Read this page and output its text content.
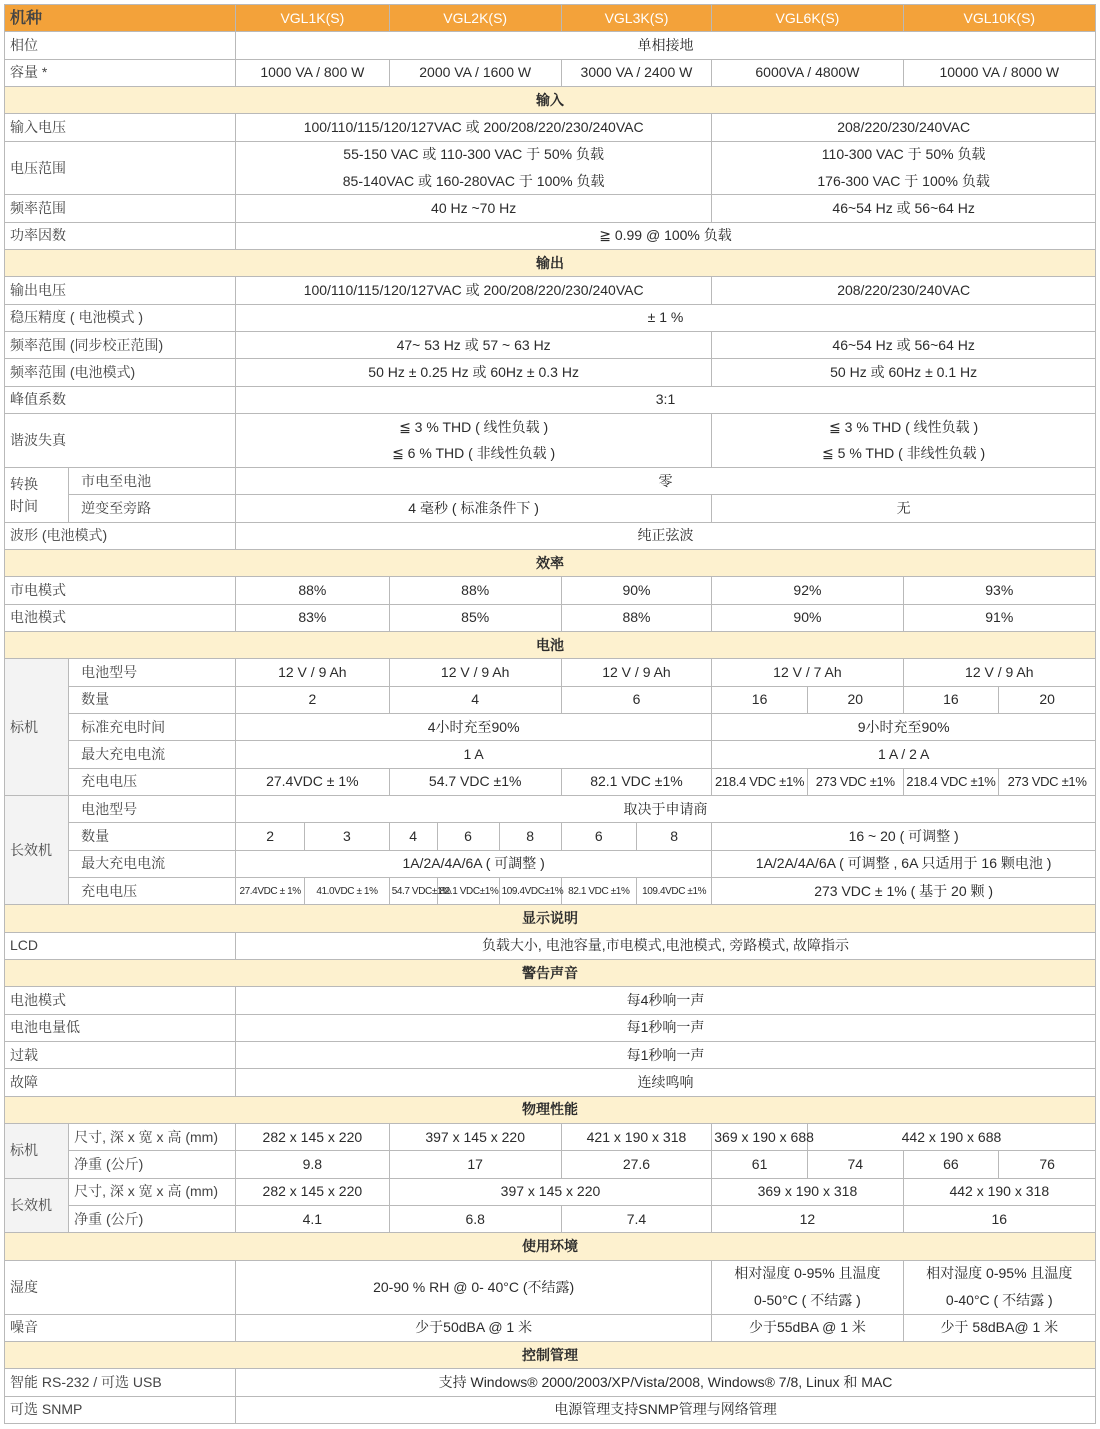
机种		VGL1K(S)		VGL2K(S)			VGL3K(S)		VGL6K(S)		VGL10K(S)	
相位		单相接地										
容量 *		1000 VA / 800 W		2000 VA / 1600 W			3000 VA / 2400 W		6000VA / 4800W		10000 VA / 8000 W	
输入												
输入电压		100/110/115/120/127VAC 或 200/208/220/230/240VAC							208/220/230/240VAC			
电压范围		55-150 VAC 或 110-300 VAC 于 50% 负载							110-300 VAC 于 50% 负载			
		85-140VAC 或 160-280VAC 于 100% 负载							176-300 VAC 于 100% 负载			
频率范围		40 Hz ~70 Hz							46~54 Hz 或 56~64 Hz			
功率因数		≧ 0.99 @ 100% 负载										
输出												
输出电压		100/110/115/120/127VAC 或 200/208/220/230/240VAC							208/220/230/240VAC			
稳压精度 ( 电池模式 )		± 1 %										
频率范围 (同步校正范围)		47~ 53 Hz 或 57 ~ 63 Hz							46~54 Hz 或 56~64 Hz			
频率范围 (电池模式)		50 Hz ± 0.25 Hz 或 60Hz ± 0.3 Hz							50 Hz 或 60Hz ± 0.1 Hz			
峰值系数		3:1										
谐波失真		≦ 3 % THD ( 线性负载 )							≦ 3 % THD ( 线性负载 )			
		≦ 6 % THD ( 非线性负载 )							≦ 5 % THD ( 非线性负载 )			
转换
时间	市电至电池	零										
	逆变至旁路	4 毫秒 ( 标准条件下 )							无			
波形 (电池模式)		纯正弦波										
效率												
市电模式		88%		88%			90%		92%		93%	
电池模式		83%		85%			88%		90%		91%	
电池												
标机	电池型号	12 V / 9 Ah		12 V / 9 Ah			12 V / 9 Ah		12 V / 7 Ah		12 V / 9 Ah	
	数量	2		4			6		16	20	16	20
	标准充电时间	4小时充至90%							9小时充至90%			
	最大充电电流	1 A							1 A / 2 A			
	充电电压	27.4VDC ± 1%		54.7 VDC ±1%			82.1 VDC ±1%		218.4 VDC ±1%	273 VDC ±1%	218.4 VDC ±1%	273 VDC ±1%
长效机	电池型号	取决于申请商										
	数量	2	3	4	6	8	6	8	16 ~ 20 ( 可调整 )			
	最大充电电流	1A/2A/4A/6A ( 可調整 )							1A/2A/4A/6A ( 可调整 , 6A 只适用于 16 颗电池 )			
	充电电压	27.4VDC ± 1%	41.0VDC ± 1%	54.7 VDC±1%	82.1 VDC±1%	109.4VDC±1%	82.1 VDC ±1%	109.4VDC ±1%	273 VDC ± 1% ( 基于 20 颗 )			
显示说明												
LCD		负载大小, 电池容量,市电模式,电池模式, 旁路模式, 故障指示										
警告声音												
电池模式		每4秒响一声										
电池电量低		每1秒响一声										
过载		每1秒响一声										
故障		连续鸣响										
物理性能												
标机	尺寸, 深 x 宽 x 高 (mm)	282 x 145 x 220		397 x 145 x 220			421 x 190 x 318		369 x 190 x 688	442 x 190 x 688		
	净重 (公斤)	9.8		17			27.6		61	74	66	76
长效机	尺寸, 深 x 宽 x 高 (mm)	282 x 145 x 220		397 x 145 x 220					369 x 190 x 318		442 x 190 x 318	
	净重 (公斤)	4.1		6.8			7.4		12		16	
使用环境												
湿度		20-90 % RH @ 0- 40°C (不结露)							相对湿度 0-95% 且温度		相对湿度 0-95% 且温度	
									0-50°C ( 不结露 )		0-40°C ( 不结露 )	
噪音		少于50dBA @ 1 米							少于55dBA @ 1 米		少于 58dBA@ 1 米	
控制管理												
智能 RS-232 / 可选 USB		支持 Windows® 2000/2003/XP/Vista/2008, Windows® 7/8, Linux 和 MAC										
可选 SNMP		电源管理支持SNMP管理与网络管理										
